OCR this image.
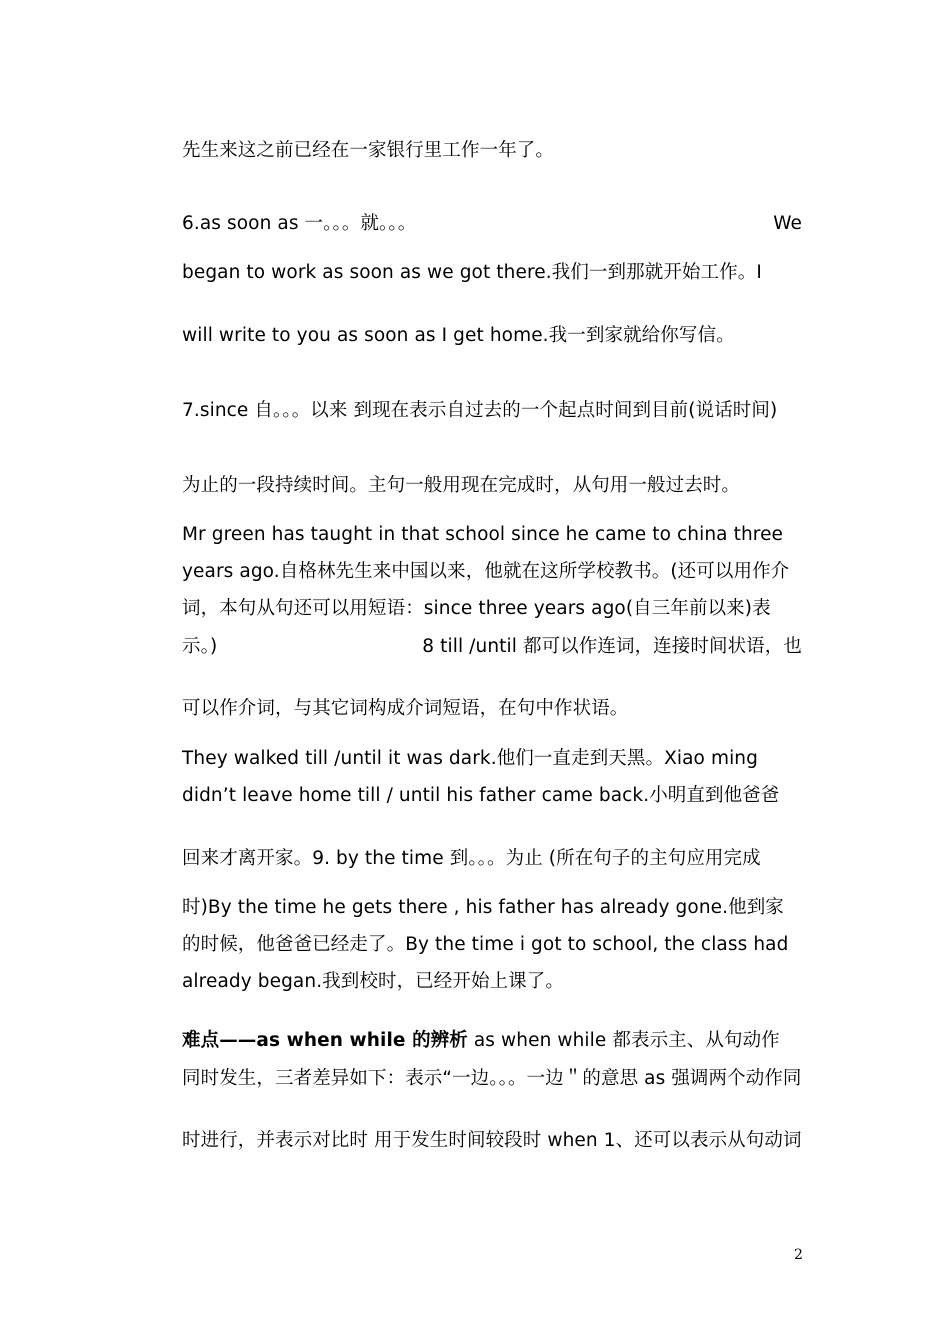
先生来这之前已经在一家银行里工作一年了。
6.as soon as 一。。。就。。。	We
began to work as soon as we got there.我们一到那就开始工作。I
will write to you as soon as I get home.我一到家就给你写信。
7.since 自。。。以来 到现在表示自过去的一个起点时间到目前(说话时间)
为止的一段持续时间。主句一般用现在完成时，从句用一般过去时。
Mr green has taught in that school since he came to china three
years ago.自格林先生来中国以来，他就在这所学校教书。(还可以用作介
词，本句从句还可以用短语：since three years ago(自三年前以来)表
示。)	8 till /until 都可以作连词，连接时间状语，也
可以作介词，与其它词构成介词短语，在句中作状语。
They walked till /until it was dark.他们一直走到天黑。Xiao ming
didn’t leave home till / until his father came back.小明直到他爸爸
回来才离开家。9. by the time 到。。。为止 (所在句子的主句应用完成
时)By the time he gets there , his father has already gone.他到家
的时候，他爸爸已经走了。By the time i got to school, the class had
already began.我到校时，已经开始上课了。
难点——as when while 的辨析 as when while 都表示主、从句动作
同时发生，三者差异如下：表示“一边。。。一边＂的意思 as 强调两个动作同
时进行，并表示对比时 用于发生时间较段时 when 1、还可以表示从句动词
2
